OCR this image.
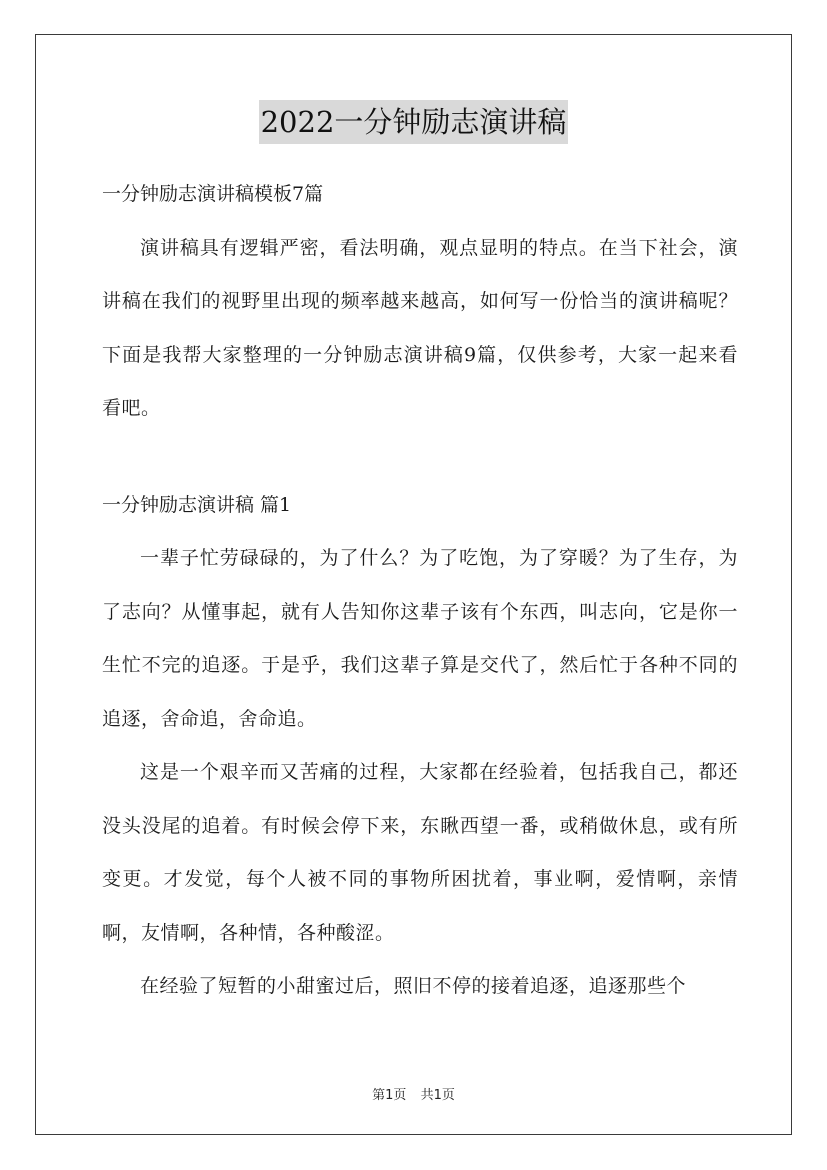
2022一分钟励志演讲稿

一分钟励志演讲稿模板7篇

演讲稿具有逻辑严密，看法明确，观点显明的特点。在当下社会，演讲稿在我们的视野里出现的频率越来越高，如何写一份恰当的演讲稿呢？下面是我帮大家整理的一分钟励志演讲稿9篇，仅供参考，大家一起来看看吧。

一分钟励志演讲稿 篇1

一辈子忙劳碌碌的，为了什么？为了吃饱，为了穿暖？为了生存，为了志向？从懂事起，就有人告知你这辈子该有个东西，叫志向，它是你一生忙不完的追逐。于是乎，我们这辈子算是交代了，然后忙于各种不同的追逐，舍命追，舍命追。

这是一个艰辛而又苦痛的过程，大家都在经验着，包括我自己，都还没头没尾的追着。有时候会停下来，东瞅西望一番，或稍做休息，或有所变更。才发觉，每个人被不同的事物所困扰着，事业啊，爱情啊，亲情啊，友情啊，各种情，各种酸涩。

在经验了短暂的小甜蜜过后，照旧不停的接着追逐，追逐那些个

第1页 共1页
